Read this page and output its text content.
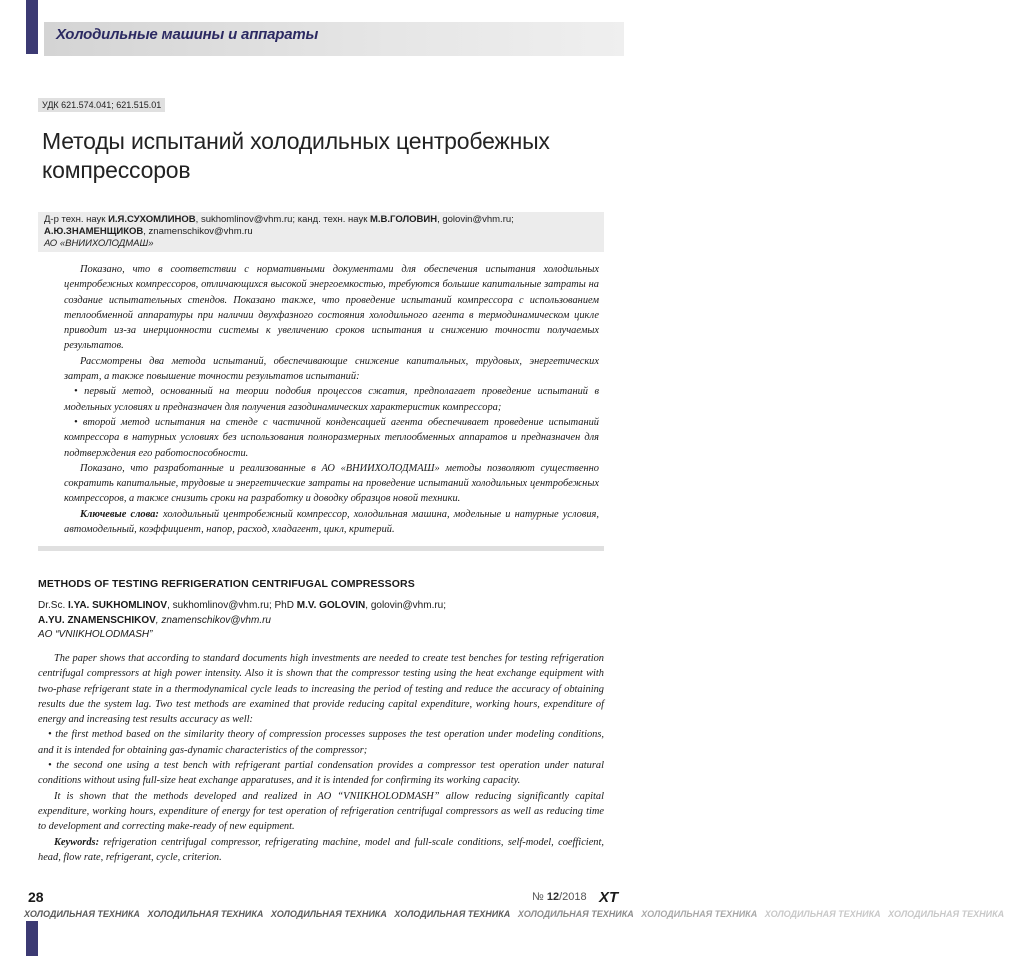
Холодильные машины и аппараты
УДК 621.574.041; 621.515.01
Методы испытаний холодильных центробежных компрессоров
Д-р техн. наук И.Я.СУХОМЛИНОВ, sukhomlinov@vhm.ru; канд. техн. наук М.В.ГОЛОВИН, golovin@vhm.ru;
А.Ю.ЗНАМЕНЩИКОВ, znamenschikov@vhm.ru
АО «ВНИИХОЛОДМАШ»

Показано, что в соответствии с нормативными документами для обеспечения испытания холодильных центробежных компрессоров, отличающихся высокой энергоемкостью, требуются большие капитальные затраты на создание испытательных стендов. Показано также, что проведение испытаний компрессора с использованием теплообменной аппаратуры при наличии двухфазного состояния холодильного агента в термодинамическом цикле приводит из-за инерционности системы к увеличению сроков испытания и снижению точности получаемых результатов.

Рассмотрены два метода испытаний, обеспечивающие снижение капитальных, трудовых, энергетических затрат, а также повышение точности результатов испытаний:

• первый метод, основанный на теории подобия процессов сжатия, предполагает проведение испытаний в модельных условиях и предназначен для получения газодинамических характеристик компрессора;

• второй метод испытания на стенде с частичной конденсацией агента обеспечивает проведение испытаний компрессора в натурных условиях без использования полноразмерных теплообменных аппаратов и предназначен для подтверждения его работоспособности.

Показано, что разработанные и реализованные в АО «ВНИИХОЛОДМАШ» методы позволяют существенно сократить капитальные, трудовые и энергетические затраты на проведение испытаний холодильных центробежных компрессоров, а также снизить сроки на разработку и доводку образцов новой техники.

Ключевые слова: холодильный центробежный компрессор, холодильная машина, модельные и натурные условия, автомодельный, коэффициент, напор, расход, хладагент, цикл, критерий.

METHODS OF TESTING REFRIGERATION CENTRIFUGAL COMPRESSORS
Dr.Sc. I.YA. SUKHOMLINOV, sukhomlinov@vhm.ru; PhD M.V. GOLOVIN, golovin@vhm.ru;
A.YU. ZNAMENSCHIKOV, znamenschikov@vhm.ru
AO “VNIIKHOLODMASH”

The paper shows that according to standard documents high investments are needed to create test benches for testing refrigeration centrifugal compressors at high power intensity. Also it is shown that the compressor testing using the heat exchange equipment with two-phase refrigerant state in a thermodynamical cycle leads to increasing the period of testing and reduce the accuracy of obtaining results due the system lag. Two test methods are examined that provide reducing capital expenditure, working hours, expenditure of energy and increasing test results accuracy as well:

• the first method based on the similarity theory of compression processes supposes the test operation under modeling conditions, and it is intended for obtaining gas-dynamic characteristics of the compressor;

• the second one using a test bench with refrigerant partial condensation provides a compressor test operation under natural conditions without using full-size heat exchange apparatuses, and it is intended for confirming its working capacity.

It is shown that the methods developed and realized in AO “VNIIKHOLODMASH” allow reducing significantly capital expenditure, working hours, expenditure of energy for test operation of refrigeration centrifugal compressors as well as reducing time to development and correcting make-ready of new equipment.

Keywords: refrigeration centrifugal compressor, refrigerating machine, model and full-scale conditions, self-model, coefficient, head, flow rate, refrigerant, cycle, criterion.

28	№ 12/2018 ХТ
ХОЛОДИЛЬНАЯ ТЕХНИКА ХОЛОДИЛЬНАЯ ТЕХНИКА ХОЛОДИЛЬНАЯ ТЕХНИКА ХОЛОДИЛЬНАЯ ТЕХНИКА ХОЛОДИЛЬНАЯ ТЕХНИКА ХОЛОДИЛЬНАЯ ТЕХНИКА ХОЛОДИЛЬНАЯ ТЕХНИКА ХОЛОДИЛЬНАЯ ТЕХНИКА
